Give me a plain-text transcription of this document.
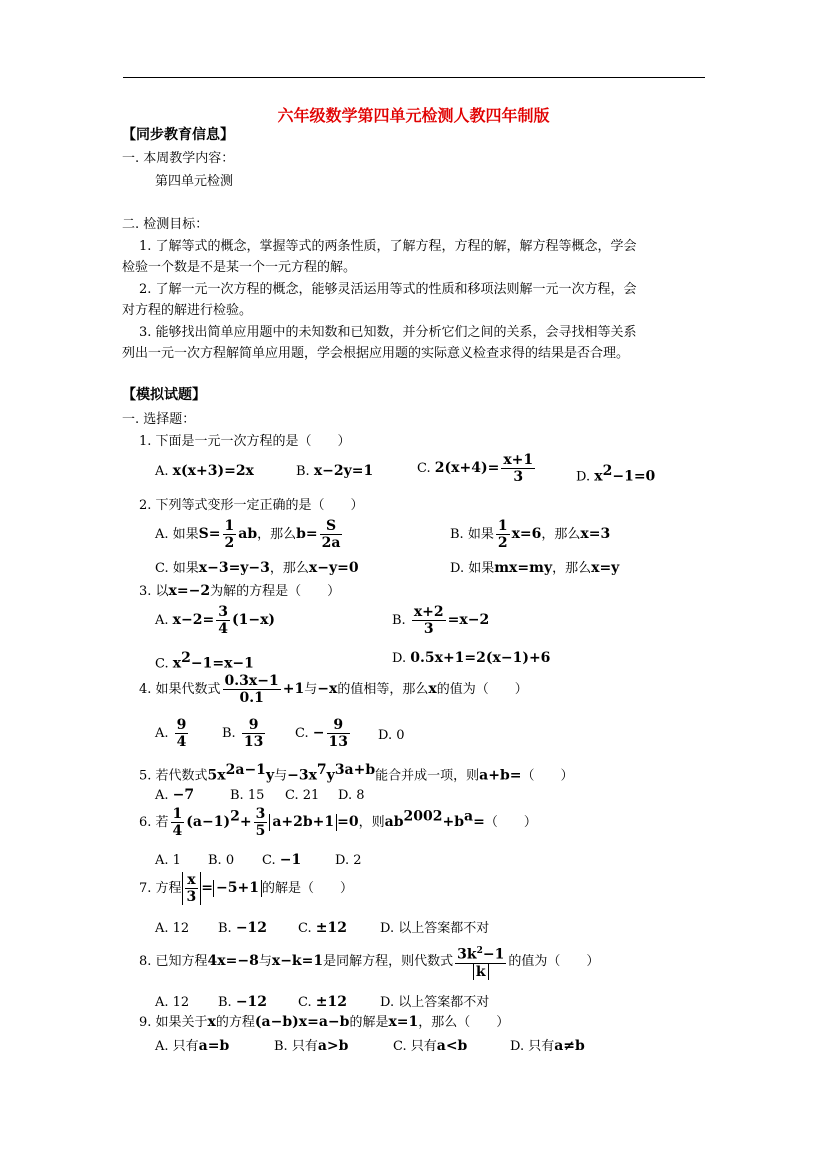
六年级数学第四单元检测人教四年制版
【同步教育信息】
一. 本周教学内容：
第四单元检测
二. 检测目标：
1. 了解等式的概念，掌握等式的两条性质，了解方程，方程的解，解方程等概念，学会
检验一个数是不是某一个一元方程的解。
2. 了解一元一次方程的概念，能够灵活运用等式的性质和移项法则解一元一次方程，会
对方程的解进行检验。
3. 能够找出简单应用题中的未知数和已知数，并分析它们之间的关系，会寻找相等关系
列出一元一次方程解简单应用题，学会根据应用题的实际意义检查求得的结果是否合理。
【模拟试题】
一. 选择题：
1. 下面是一元一次方程的是（　　）
A. x(x+3)=2x	B. x−2y=1	C. $2(x+4)= \frac{x+1}{3}$	D. $x^2-1=0$
2. 下列等式变形一定正确的是（　　）
A. 如果$S= \frac{1}{2}$ ab，那么$b= \frac{S}{2a}$	B. 如果 $\frac{1}{2} x=6$，那么x=3
C. 如果x−3=y−3，那么x−y=0	D. 如果mx=my，那么x=y
3. 以x=−2为解的方程是（　　）
A. $x-2= \frac{3}{4} (1-x)$	B. $\frac{x+2}{3} =x-2$
C. $x^2-1=x-1$	D. 0.5x+1=2(x−1)+6
4. 如果代数式 $\frac{0.3x-1}{0.1} +1$与−x的值相等，那么x的值为（　　）
A. $\frac{9}{4}$	B. $\frac{9}{13} C$. − $\frac{9}{13} D$. 0
5. 若代数式$5x^{2a-1}y$与$-3x^7y^{3a+b}$能合并成一项，则a+b=（　　）
A. −7	B. 15 C. 21 D. 8
6. 若 $\frac{1}{4} (a-1)^2+ \frac{3}{5} a+2b+1 =0$，则$ab^{2002}+b^a=$（　　）
A. 1 B. 0 C. −1	D. 2
7. 方程 $\frac{x}{3} = -5+1$ 的解是（　　）
A. 12 B. −12 C. ±12	D. 以上答案都不对
8. 已知方程4x=−8与x−k=1是同解方程，则代数式 $\frac{3k^2-1}{k}$ 的值为（　　）
A. 12 B. −12 C. ±12	D. 以上答案都不对
9. 如果关于x的方程(a−b)x=a−b的解是x=1，那么（　　）
A. 只有a=b	B. 只有a>b	C. 只有a<b	D. 只有a≠b
